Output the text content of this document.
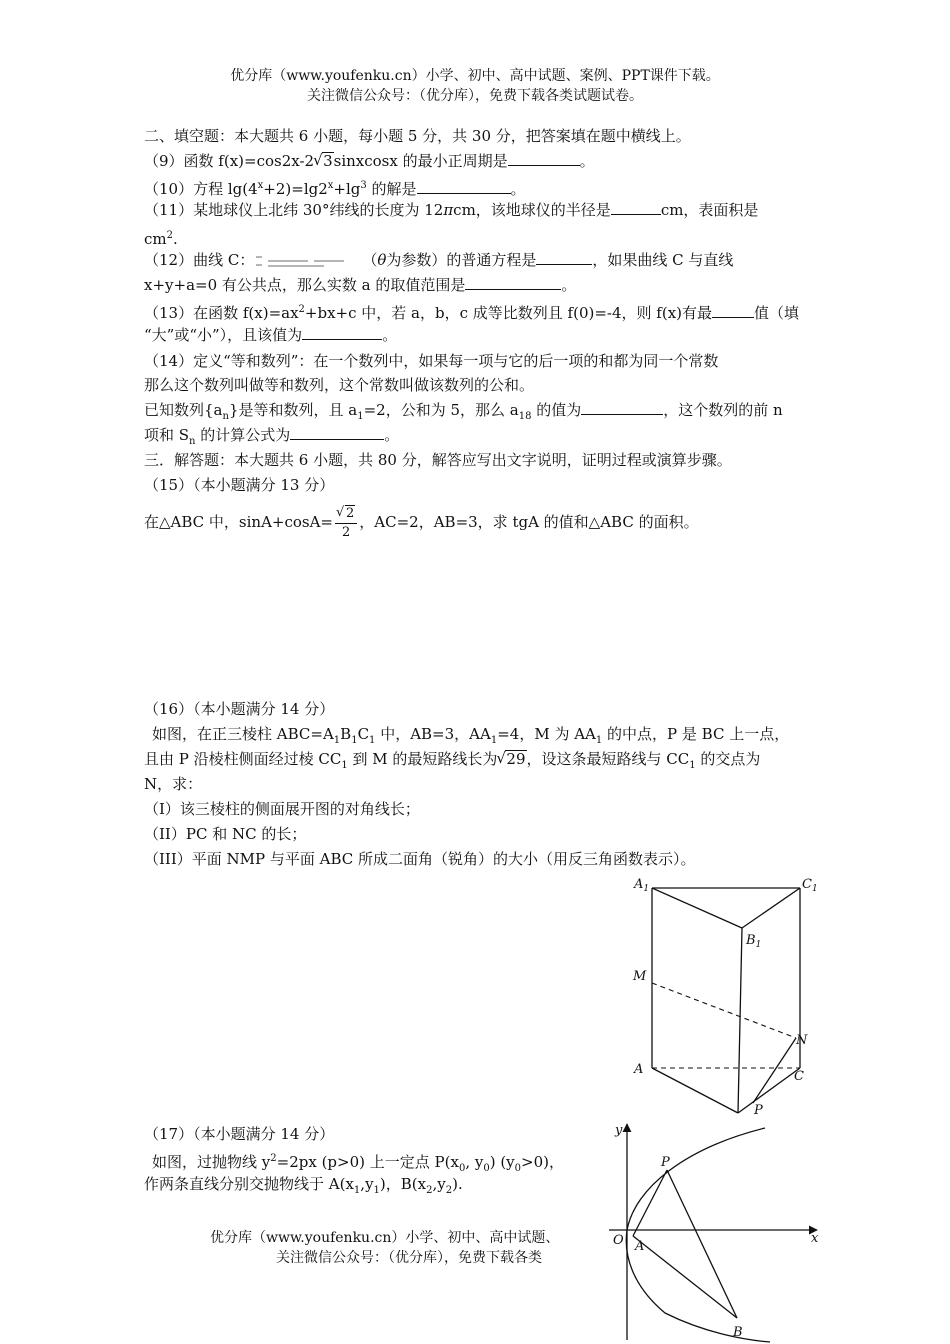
优分库（www.youfenku.cn）小学、初中、高中试题、案例、PPT课件下载。
关注微信公众号：（优分库），免费下载各类试题试卷。
二、填空题：本大题共 6 小题，每小题 5 分，共 30 分，把答案填在题中横线上。
（9）函数 f(x)=cos2x-2 √ 3sinxcosx 的最小正周期是	。
（10）方程 $\lg(4^x+2)=\lg 2^x+\lg^3$ 的解是	。
（11）某地球仪上北纬 30°纬线的长度为 12πcm，该地球仪的半径是	cm，表面积是
$cm^2$.
（12）曲线 C：	（θ为参数）的普通方程是	，如果曲线 C 与直线
x+y+a=0 有公共点，那么实数 a 的取值范围是	。
（13）在函数 $f(x)=ax^2+bx+c$ 中，若 a，b，c 成等比数列且 f(0)=-4，则 f(x)有最	值（填
“大”或“小”），且该值为	。
（14）定义“等和数列”：在一个数列中，如果每一项与它的后一项的和都为同一个常数
那么这个数列叫做等和数列，这个常数叫做该数列的公和。
已知数列$\{a_n\}$是等和数列，且 $a_1=2$，公和为 5，那么 $a_{18}$ 的值为	，这个数列的前 n
项和 $S_n$ 的计算公式为	。
三．解答题：本大题共 6 小题，共 80 分，解答应写出文字说明，证明过程或演算步骤。
（15）（本小题满分 13 分）
在△ABC 中，sinA+cosA= √ $\frac{2}{2}$ ，AC=2，AB=3，求 tgA 的值和△ABC 的面积。
（16）（本小题满分 14 分）
如图，在正三棱柱 $ABC=A_1B_1C_1$ 中，AB=3，$AA_1=4$，M 为 $AA_1$ 的中点，P 是 BC 上一点，
且由 P 沿棱柱侧面经过棱 $CC_1$ 到 M 的最短路线长为 √ 29，设这条最短路线与 $CC_1$ 的交点为
N，求：
（I）该三棱柱的侧面展开图的对角线长；
（II）PC 和 NC 的长；
（III）平面 NMP 与平面 ABC 所成二面角（锐角）的大小（用反三角函数表示）。
$A_1$	$C_1$
$B_1$
M
N
A	C
P
（17）（本小题满分 14 分）
如图，过抛物线 $y^2=2px$ (p>0) 上一定点 $P(x_0$, $y_0$) $(y_0>0)$，
作两条直线分别交抛物线于 $A(x_1,y_1)$，$B(x_2,y_2)$.
优分库（www.youfenku.cn）小学、初中、高中试题、
关注微信公众号：（优分库），免费下载各类
y
x
O
P
A
B
